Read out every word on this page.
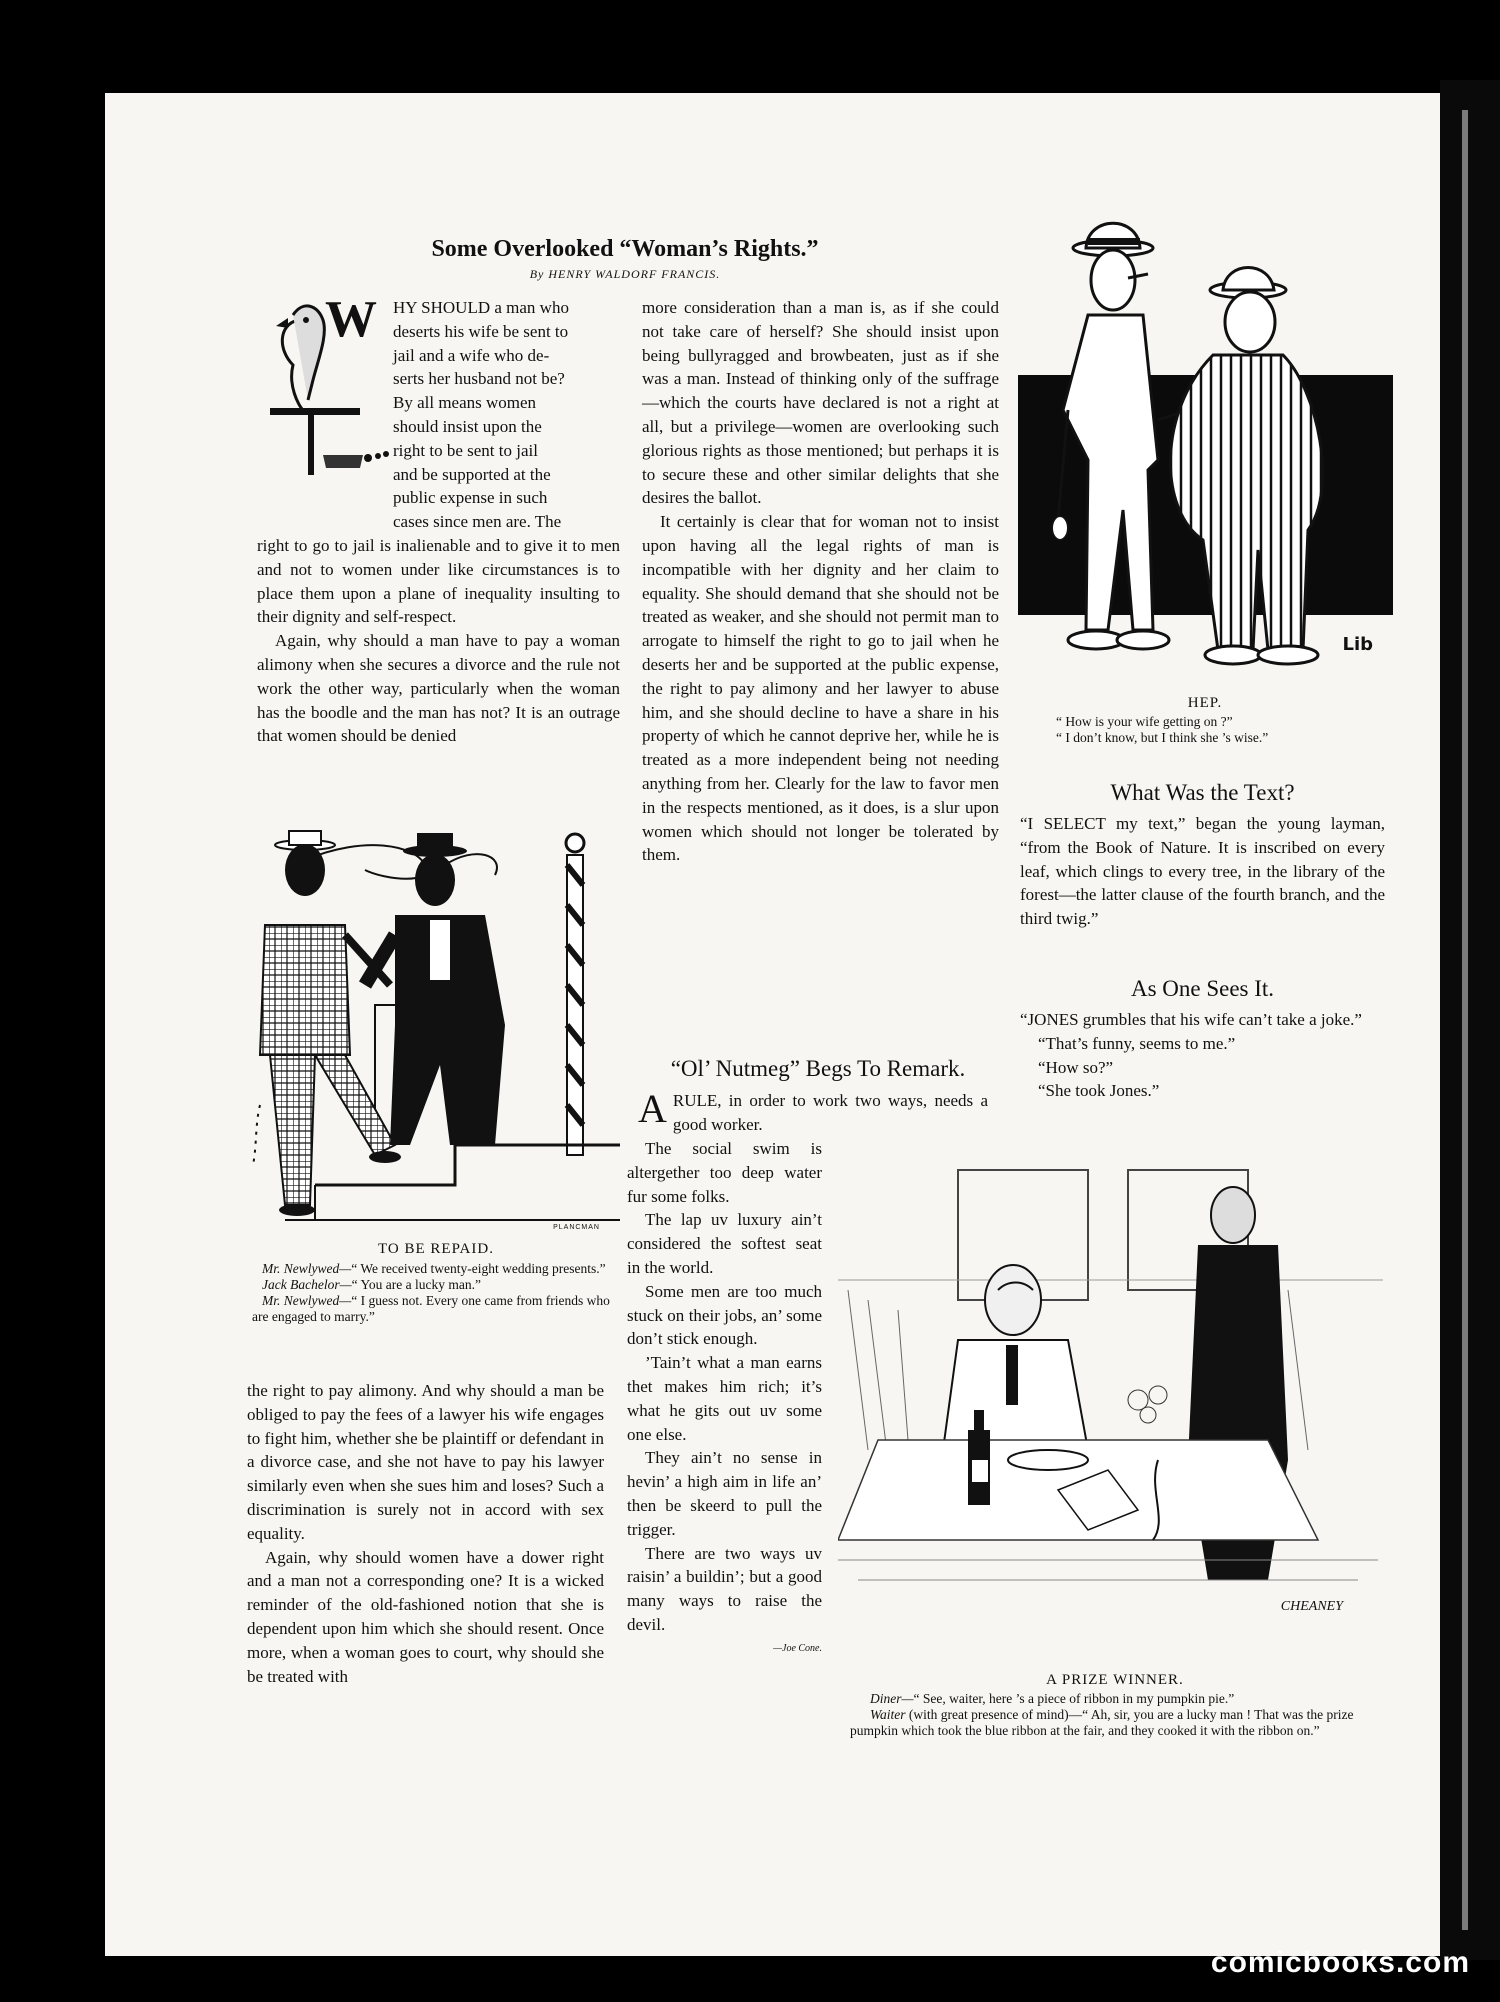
Some Overlooked “Woman’s Rights.”
By HENRY WALDORF FRANCIS.
W HY SHOULD a man who
deserts his wife be sent to
jail and a wife who de-
serts her husband not be?
By all means women
should insist upon the
right to be sent to jail
and be supported at the
public expense in such
cases since men are. The

right to go to jail is inalienable and to give it to men and not to women under like circumstances is to place them upon a plane of inequality insulting to their dignity and self-respect.

Again, why should a man have to pay a woman alimony when she secures a divorce and the rule not work the other way, particularly when the woman has the boodle and the man has not? It is an outrage that women should be denied

PLANCMAN
TO BE REPAID.

Mr. Newlywed—“ We received twenty-eight wedding presents.”

Jack Bachelor—“ You are a lucky man.”

Mr. Newlywed—“ I guess not. Every one came from friends who are engaged to marry.”

the right to pay alimony. And why should a man be obliged to pay the fees of a lawyer his wife engages to fight him, whether she be plaintiff or defendant in a divorce case, and she not have to pay his lawyer similarly even when she sues him and loses? Such a discrimination is surely not in accord with sex equality.

Again, why should women have a dower right and a man not a corresponding one? It is a wicked reminder of the old-fashioned notion that she is dependent upon him which she should resent. Once more, when a woman goes to court, why should she be treated with

more consideration than a man is, as if she could not take care of herself? She should insist upon being bullyragged and browbeaten, just as if she was a man. Instead of thinking only of the suffrage—which the courts have declared is not a right at all, but a privilege—women are overlooking such glorious rights as those mentioned; but perhaps it is to secure these and other similar delights that she desires the ballot.

It certainly is clear that for woman not to insist upon having all the legal rights of man is incompatible with her dignity and her claim to equality. She should demand that she should not be treated as weaker, and she should not permit man to arrogate to himself the right to go to jail when he deserts her and be supported at the public expense, the right to pay alimony and her lawyer to abuse him, and she should decline to have a share in his property of which he cannot deprive her, while he is treated as a more independent being not needing anything from her. Clearly for the law to favor men in the respects mentioned, as it does, is a slur upon women which should not longer be tolerated by them.

“Ol’ Nutmeg” Begs To Remark.
A RULE, in order to work two ways, needs a good worker.

The social swim is altergether too deep water fur some folks.

The lap uv luxury ain’t considered the softest seat in the world.

Some men are too much stuck on their jobs, an’ some don’t stick enough.

’Tain’t what a man earns thet makes him rich; it’s what he gits out uv some one else.

They ain’t no sense in hevin’ a high aim in life an’ then be skeerd to pull the trigger.

There are two ways uv raisin’ a buildin’; but a good many ways to raise the devil.

—Joe Cone.
Lib
HEP.

“ How is your wife getting on ?”

“ I don’t know, but I think she ’s wise.”

What Was the Text?
“I SELECT my text,” began the young layman, “from the Book of Nature. It is inscribed on every leaf, which clings to every tree, in the library of the forest—the latter clause of the fourth branch, and the third twig.”
As One Sees It.

“JONES grumbles that his wife can’t take a joke.”

“That’s funny, seems to me.”

“How so?”

“She took Jones.”

CHEANEY
A PRIZE WINNER.

Diner—“ See, waiter, here ’s a piece of ribbon in my pumpkin pie.”

Waiter (with great presence of mind)—“ Ah, sir, you are a lucky man ! That was the prize pumpkin which took the blue ribbon at the fair, and they cooked it with the ribbon on.”

comicbooks.com
